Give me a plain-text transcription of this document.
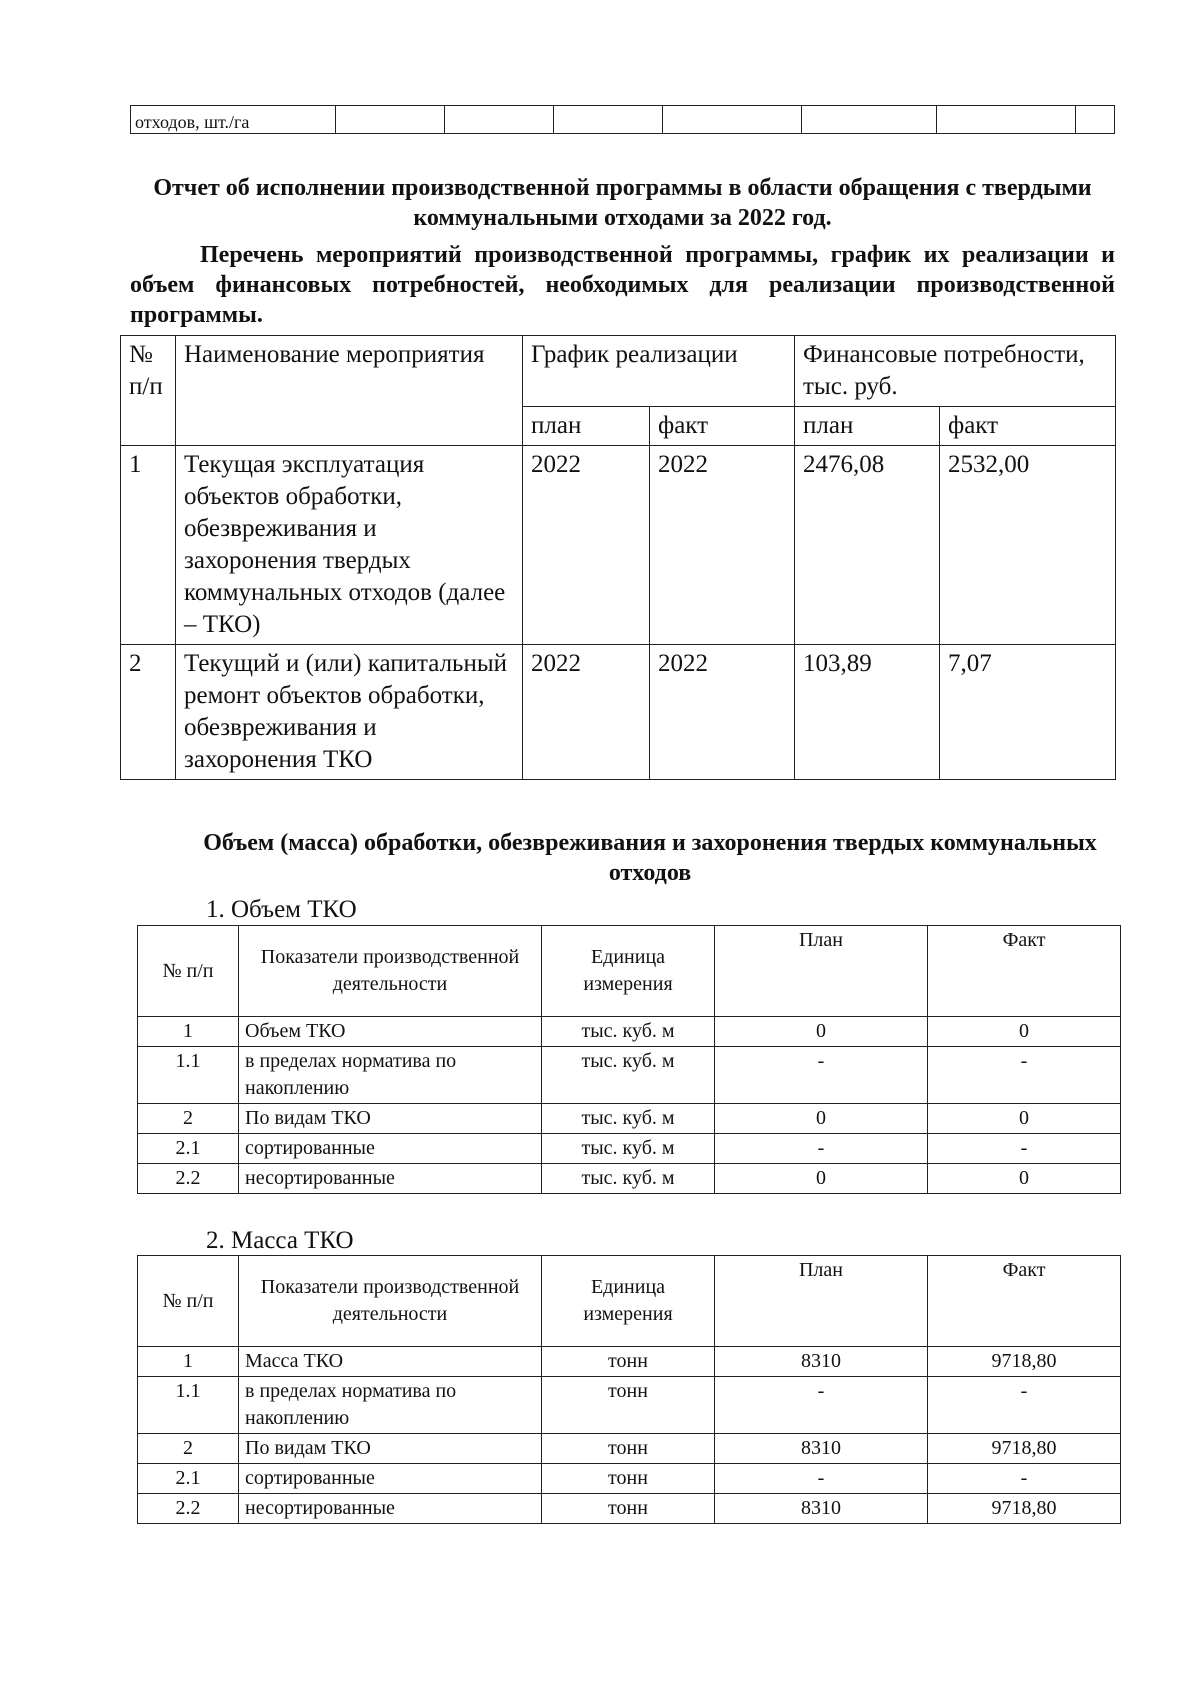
отходов, шт./га							
Отчет об исполнении производственной программы в области обращения с твердыми коммунальными отходами за 2022 год.
Перечень мероприятий производственной программы, график их реализации и объем финансовых потребностей, необходимых для реализации производственной программы.
№ п/п	Наименование мероприятия	График реализации		Финансовые потребности, тыс. руб.	
		план	факт	план	факт
1	Текущая эксплуатация объектов обработки, обезвреживания и захоронения твердых коммунальных отходов (далее – ТКО)	2022	2022	2476,08	2532,00
2	Текущий и (или) капитальный ремонт объектов обработки, обезвреживания и захоронения ТКО	2022	2022	103,89	7,07
Объем (масса) обработки, обезвреживания и захоронения твердых коммунальных отходов
1. Объем ТКО
№ п/п	Показатели производственной деятельности	Единица измерения	План	Факт
1	Объем ТКО	тыс. куб. м	0	0
1.1	в пределах норматива по накоплению	тыс. куб. м	-	-
2	По видам ТКО	тыс. куб. м	0	0
2.1	сортированные	тыс. куб. м	-	-
2.2	несортированные	тыс. куб. м	0	0
2. Масса ТКО
№ п/п	Показатели производственной деятельности	Единица измерения	План	Факт
1	Масса ТКО	тонн	8310	9718,80
1.1	в пределах норматива по накоплению	тонн	-	-
2	По видам ТКО	тонн	8310	9718,80
2.1	сортированные	тонн	-	-
2.2	несортированные	тонн	8310	9718,80
